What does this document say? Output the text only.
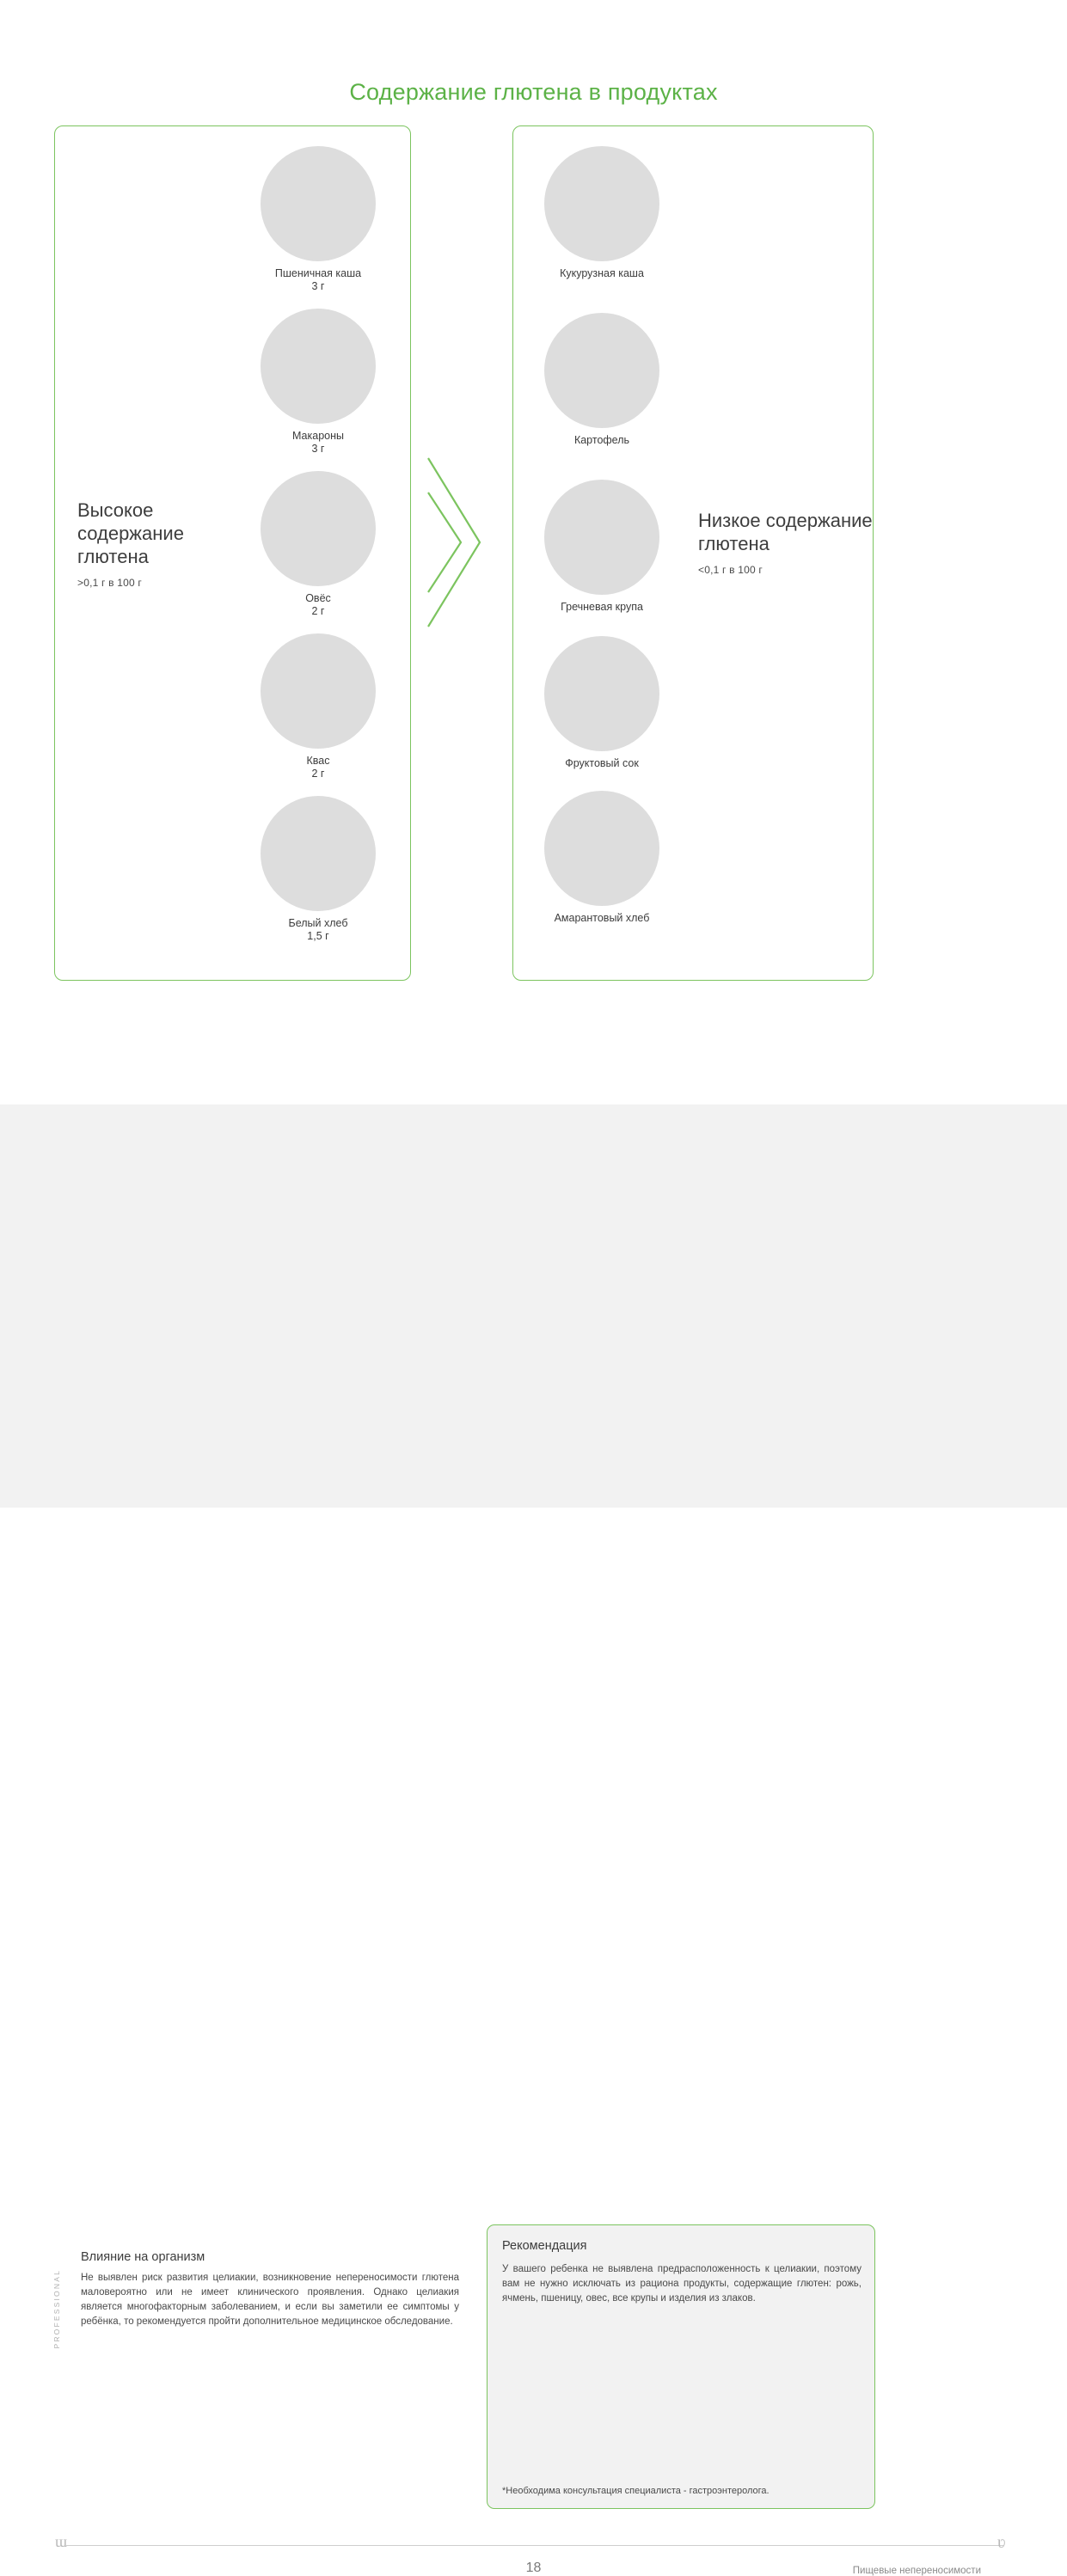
Содержание глютена в продуктах
Высокое содержание глютена
>0,1 г в 100 г
Низкое содержание глютена
<0,1 г в 100 г
Пшеничная каша
3 г
Макароны
3 г
Овёс
2 г
Квас
2 г
Белый хлеб
1,5 г
Кукурузная каша
Картофель
Гречневая крупа
Фруктовый сок
Амарантовый хлеб
PROFESSIONAL
Влияние на организм

Не выявлен риск развития целиакии, возникновение непереносимости глютена маловероятно или не имеет клинического проявления. Однако целиакия является многофакторным заболеванием, и если вы заметили ее симптомы у ребёнка, то рекомендуется пройти дополнительное медицинское обследование.

Рекомендация

У вашего ребенка не выявлена предрасположенность к целиакии, поэтому вам не нужно исключать из рациона продукты, содержащие глютен: рожь, ячмень, пшеницу, овес, все крупы и изделия из злаков.

*Необходима консультация специалиста - гастроэнтеролога.

ɯ	ʋ
18	Пищевые непереносимости
